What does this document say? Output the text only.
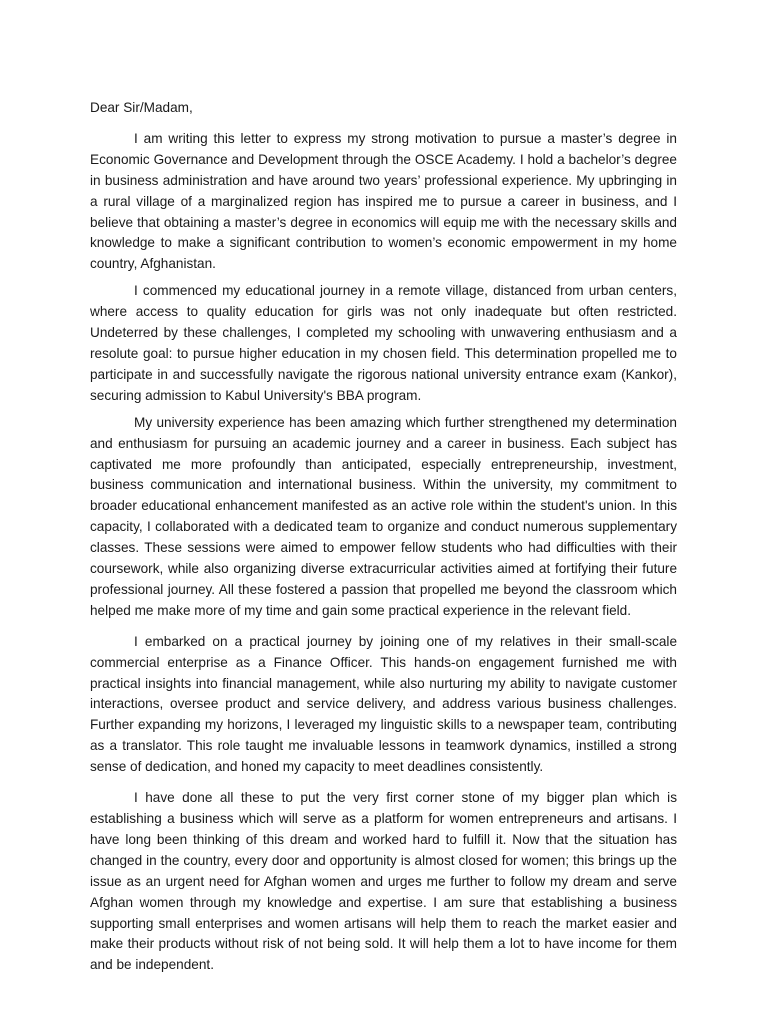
Dear Sir/Madam,

I am writing this letter to express my strong motivation to pursue a master’s degree in Economic Governance and Development through the OSCE Academy. I hold a bachelor’s degree in business administration and have around two years’ professional experience. My upbringing in a rural village of a marginalized region has inspired me to pursue a career in business, and I believe that obtaining a master’s degree in economics will equip me with the necessary skills and knowledge to make a significant contribution to women’s economic empowerment in my home country, Afghanistan.

I commenced my educational journey in a remote village, distanced from urban centers, where access to quality education for girls was not only inadequate but often restricted. Undeterred by these challenges, I completed my schooling with unwavering enthusiasm and a resolute goal: to pursue higher education in my chosen field. This determination propelled me to participate in and successfully navigate the rigorous national university entrance exam (Kankor), securing admission to Kabul University's BBA program.

My university experience has been amazing which further strengthened my determination and enthusiasm for pursuing an academic journey and a career in business. Each subject has captivated me more profoundly than anticipated, especially entrepreneurship, investment, business communication and international business. Within the university, my commitment to broader educational enhancement manifested as an active role within the student's union. In this capacity, I collaborated with a dedicated team to organize and conduct numerous supplementary classes. These sessions were aimed to empower fellow students who had difficulties with their coursework, while also organizing diverse extracurricular activities aimed at fortifying their future professional journey. All these fostered a passion that propelled me beyond the classroom which helped me make more of my time and gain some practical experience in the relevant field.

I embarked on a practical journey by joining one of my relatives in their small-scale commercial enterprise as a Finance Officer. This hands-on engagement furnished me with practical insights into financial management, while also nurturing my ability to navigate customer interactions, oversee product and service delivery, and address various business challenges. Further expanding my horizons, I leveraged my linguistic skills to a newspaper team, contributing as a translator. This role taught me invaluable lessons in teamwork dynamics, instilled a strong sense of dedication, and honed my capacity to meet deadlines consistently.

I have done all these to put the very first corner stone of my bigger plan which is establishing a business which will serve as a platform for women entrepreneurs and artisans. I have long been thinking of this dream and worked hard to fulfill it. Now that the situation has changed in the country, every door and opportunity is almost closed for women; this brings up the issue as an urgent need for Afghan women and urges me further to follow my dream and serve Afghan women through my knowledge and expertise. I am sure that establishing a business supporting small enterprises and women artisans will help them to reach the market easier and make their products without risk of not being sold. It will help them a lot to have income for them and be independent.
